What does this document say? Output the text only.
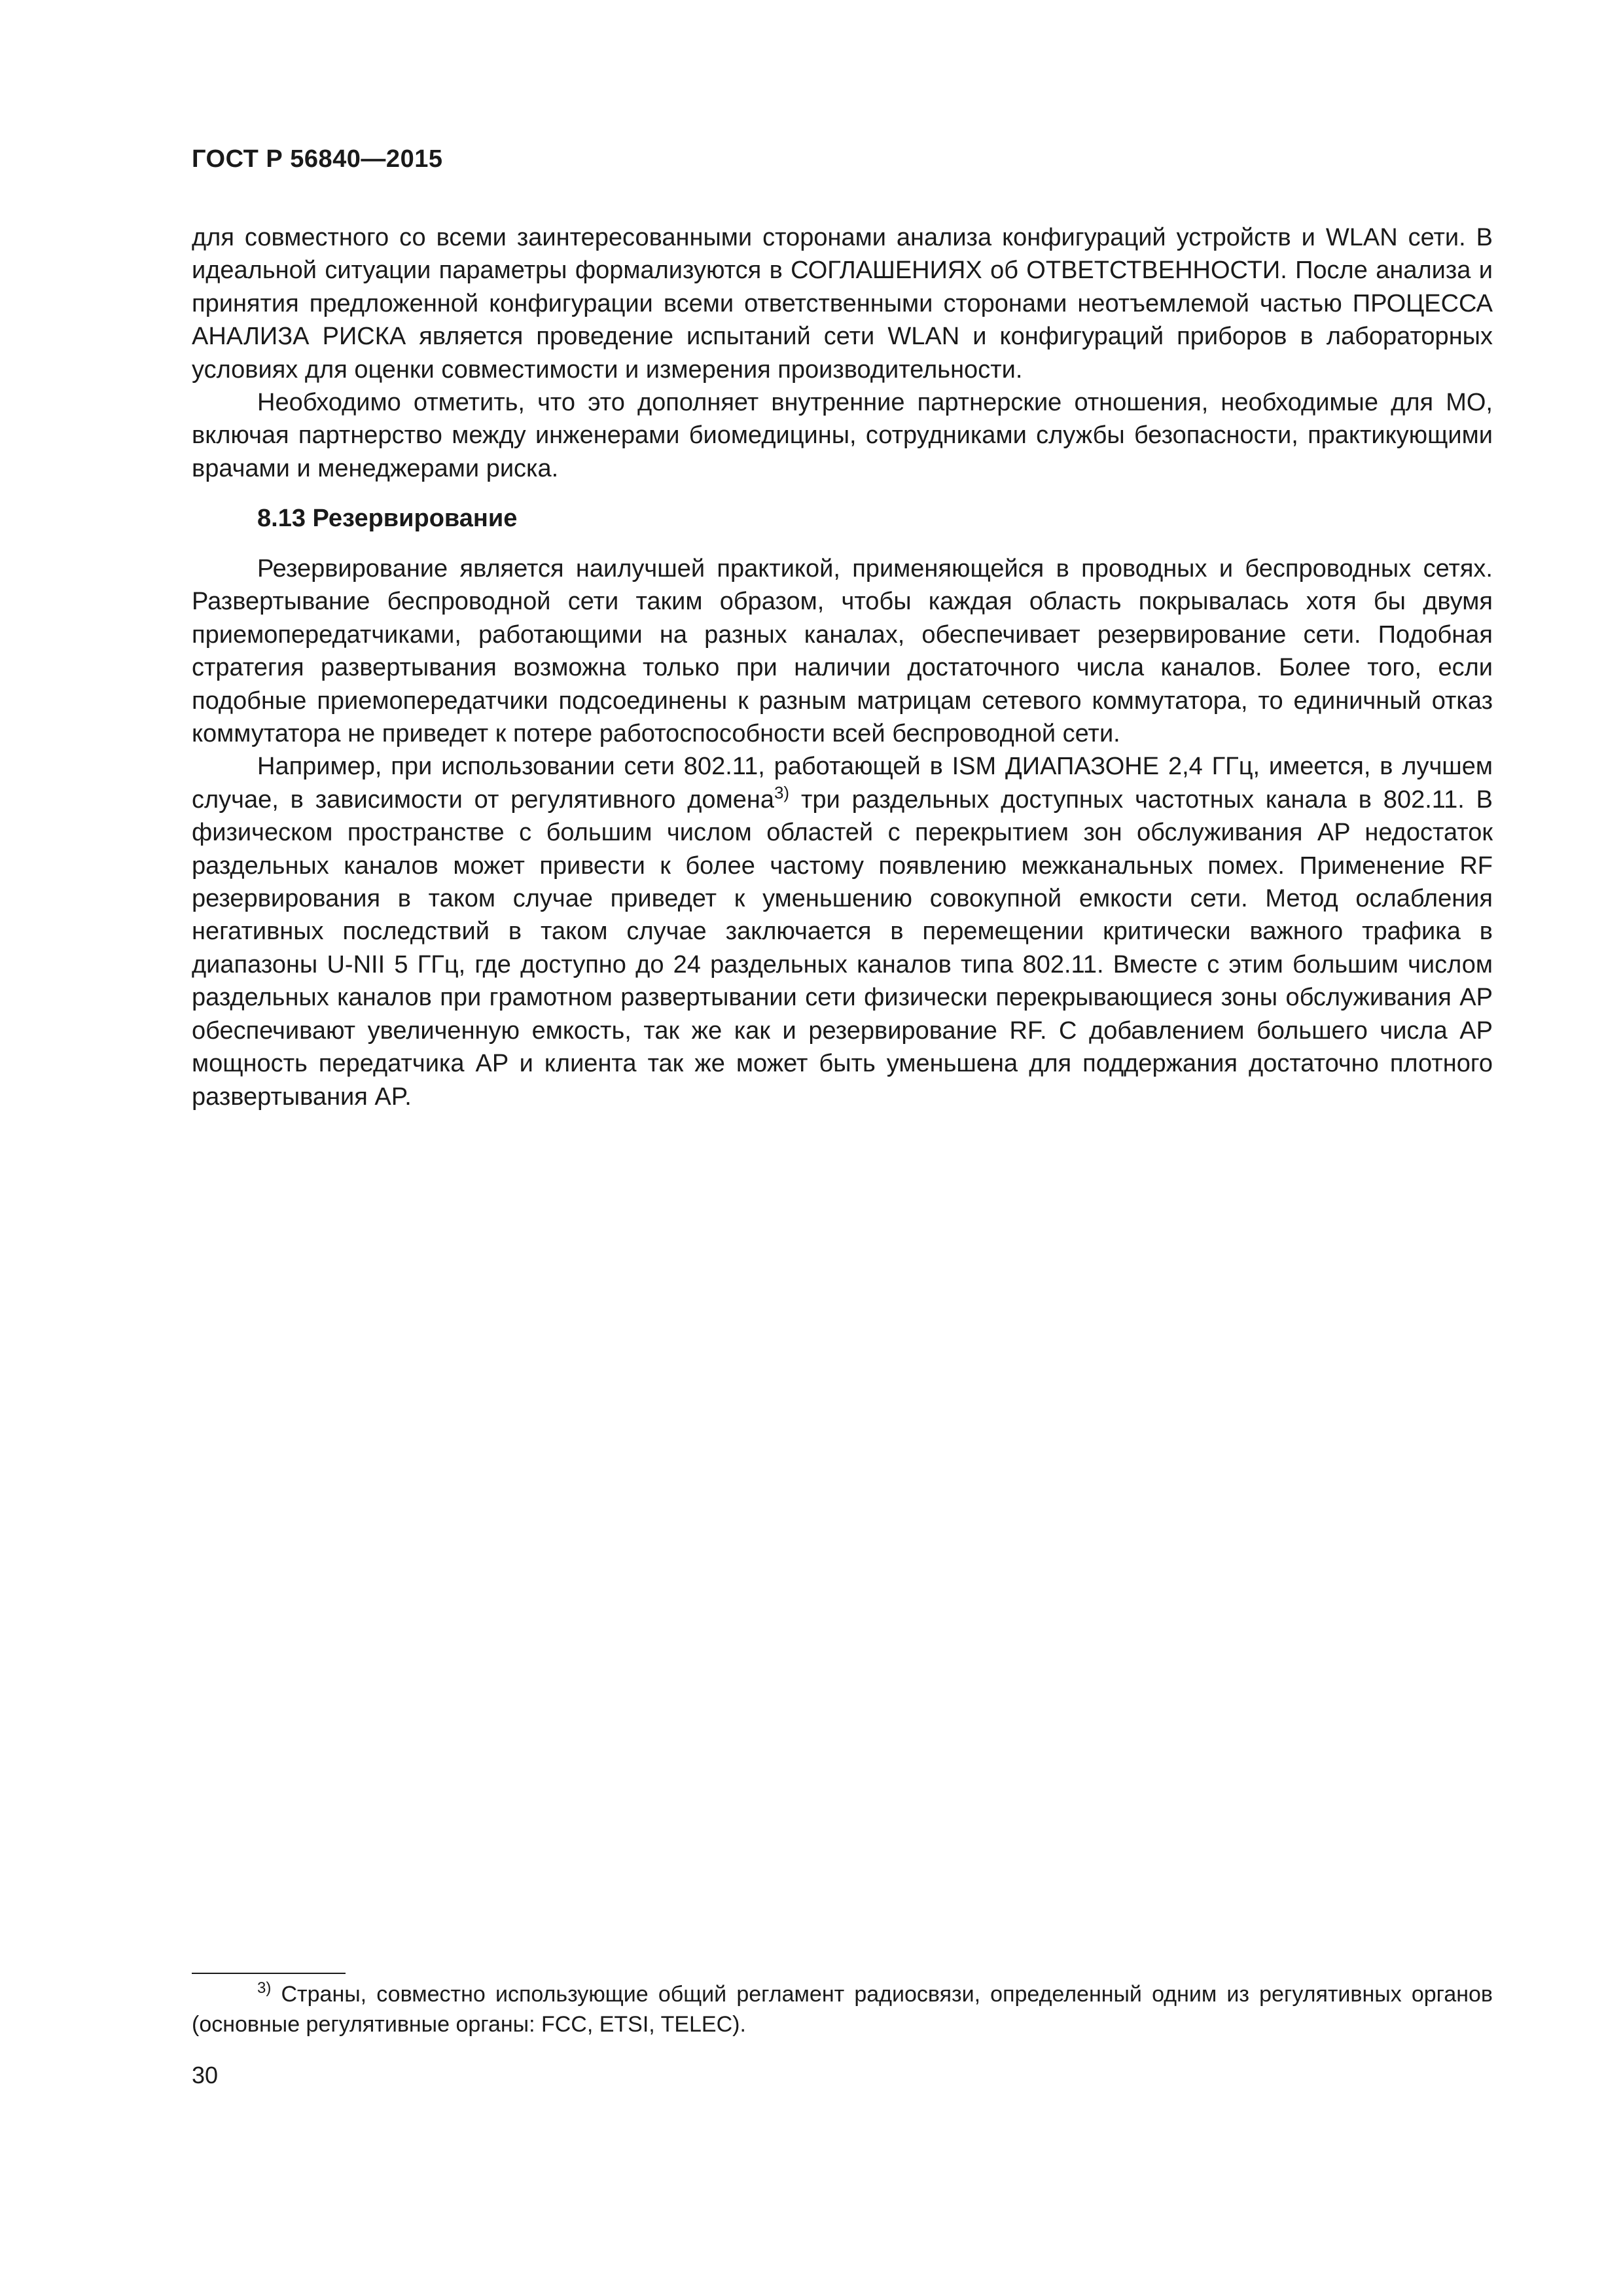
ГОСТ Р 56840—2015

для совместного со всеми заинтересованными сторонами анализа конфигураций устройств и WLAN сети. В идеальной ситуации параметры формализуются в СОГЛАШЕНИЯХ об ОТВЕТСТВЕННОСТИ. После анализа и принятия предложенной конфигурации всеми ответственными сторонами неотъемлемой частью ПРОЦЕССА АНАЛИЗА РИСКА является проведение испытаний сети WLAN и конфигураций приборов в лабораторных условиях для оценки совместимости и измерения производительности.

Необходимо отметить, что это дополняет внутренние партнерские отношения, необходимые для МО, включая партнерство между инженерами биомедицины, сотрудниками службы безопасности, практикующими врачами и менеджерами риска.

8.13 Резервирование

Резервирование является наилучшей практикой, применяющейся в проводных и беспроводных сетях. Развертывание беспроводной сети таким образом, чтобы каждая область покрывалась хотя бы двумя приемопередатчиками, работающими на разных каналах, обеспечивает резервирование сети. Подобная стратегия развертывания возможна только при наличии достаточного числа каналов. Более того, если подобные приемопередатчики подсоединены к разным матрицам сетевого коммутатора, то единичный отказ коммутатора не приведет к потере работоспособности всей беспроводной сети.

Например, при использовании сети 802.11, работающей в ISM ДИАПАЗОНЕ 2,4 ГГц, имеется, в лучшем случае, в зависимости от регулятивного домена$^{3)}$ три раздельных доступных частотных канала в 802.11. В физическом пространстве с большим числом областей с перекрытием зон обслуживания AP недостаток раздельных каналов может привести к более частому появлению межканальных помех. Применение RF резервирования в таком случае приведет к уменьшению совокупной емкости сети. Метод ослабления негативных последствий в таком случае заключается в перемещении критически важного трафика в диапазоны U-NII 5 ГГц, где доступно до 24 раздельных каналов типа 802.11. Вместе с этим большим числом раздельных каналов при грамотном развертывании сети физически перекрывающиеся зоны обслуживания AP обеспечивают увеличенную емкость, так же как и резервирование RF. С добавлением большего числа AP мощность передатчика AP и клиента так же может быть уменьшена для поддержания достаточно плотного развертывания AP.

$^{3)}$ Страны, совместно использующие общий регламент радиосвязи, определенный одним из регулятивных органов (основные регулятивные органы: FCC, ETSI, TELEC).

30
